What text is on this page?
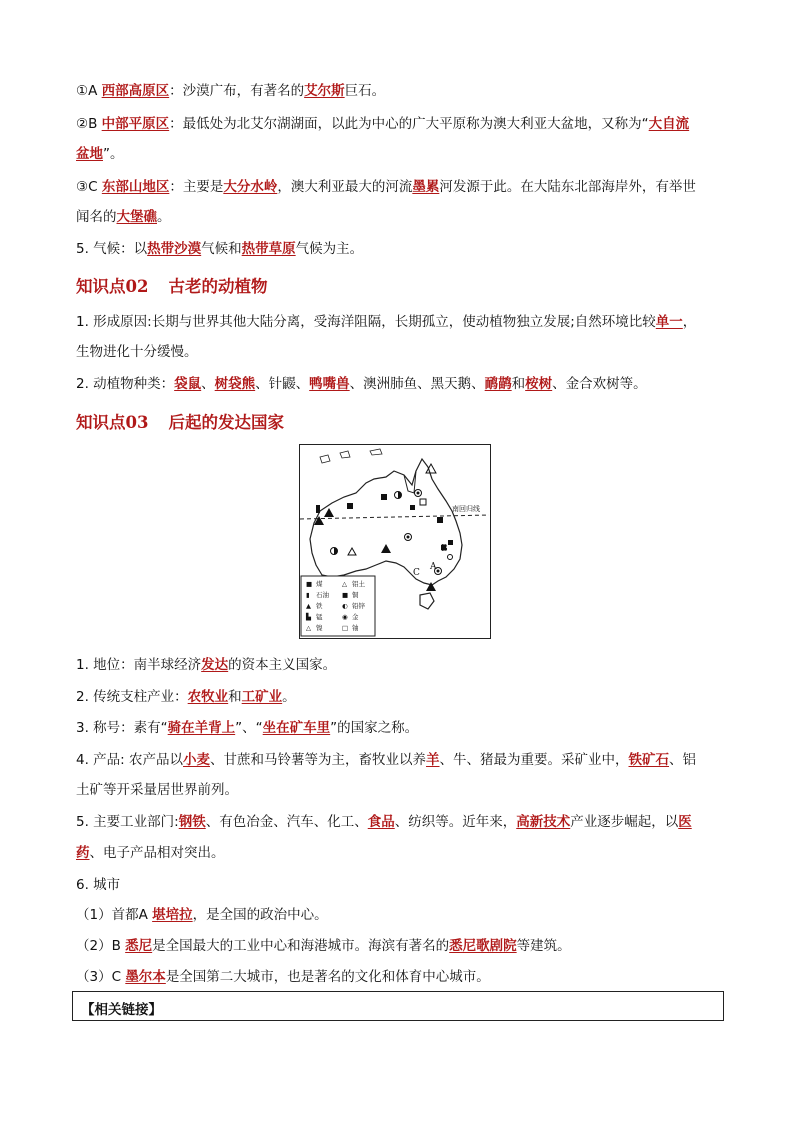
①A 西部高原区：沙漠广布，有著名的艾尔斯巨石。
②B 中部平原区：最低处为北艾尔湖湖面，以此为中心的广大平原称为澳大利亚大盆地，又称为“大自流
盆地”。
③C 东部山地区：主要是大分水岭，澳大利亚最大的河流墨累河发源于此。在大陆东北部海岸外，有举世
闻名的大堡礁。
5. 气候：以热带沙漠气候和热带草原气候为主。
知识点02 古老的动植物
1. 形成原因:长期与世界其他大陆分离，受海洋阻隔，长期孤立，使动植物独立发展;自然环境比较单一，
生物进化十分缓慢。
2. 动植物种类：袋鼠、树袋熊、针鼹、鸭嘴兽、澳洲肺鱼、黑天鹅、鸸鹋和桉树、金合欢树等。
知识点03 后起的发达国家
南回归线
A
B
C
■ 煤	△ 铝土
▮ 石油 ■ 铜
▲ 铁	◐ 铅锌
▙ 锰	◉ 金
△ 镍	□ 铀
1. 地位：南半球经济发达的资本主义国家。
2. 传统支柱产业：农牧业和工矿业。
3. 称号：素有“骑在羊背上”、“坐在矿车里”的国家之称。
4. 产品: 农产品以小麦、甘蔗和马铃薯等为主，畜牧业以养羊、牛、猪最为重要。采矿业中，铁矿石、铝
土矿等开采量居世界前列。
5. 主要工业部门:钢铁、有色冶金、汽车、化工、食品、纺织等。近年来，高新技术产业逐步崛起，以医
药、电子产品相对突出。
6. 城市
（1）首都A 堪培拉，是全国的政治中心。
（2）B 悉尼是全国最大的工业中心和海港城市。海滨有著名的悉尼歌剧院等建筑。
（3）C 墨尔本是全国第二大城市，也是著名的文化和体育中心城市。
【相关链接】
